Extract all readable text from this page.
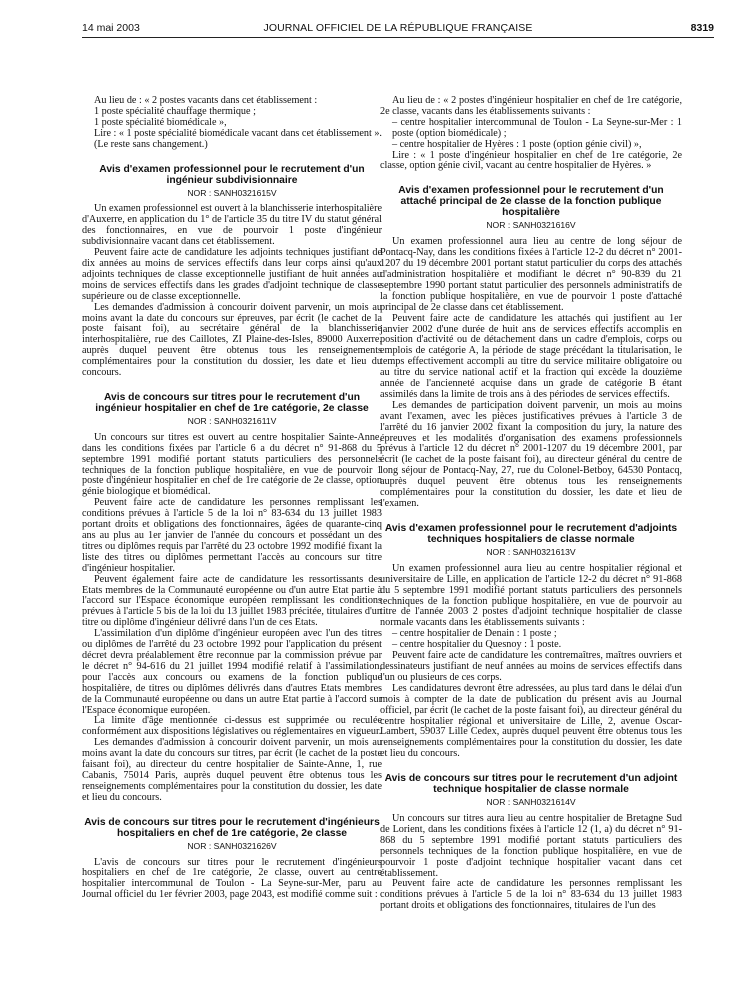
14 mai 2003	JOURNAL OFFICIEL DE LA RÉPUBLIQUE FRANÇAISE	8319

Au lieu de : « 2 postes vacants dans cet établissement :

1 poste spécialité chauffage thermique ;

1 poste spécialité biomédicale »,

Lire : « 1 poste spécialité biomédicale vacant dans cet établissement ».

(Le reste sans changement.)

Avis d'examen professionnel pour le recrutement d'un ingénieur subdivisionnaire
NOR : SANH0321615V

Un examen professionnel est ouvert à la blanchisserie interhospitalière d'Auxerre, en application du 1° de l'article 35 du titre IV du statut général des fonctionnaires, en vue de pourvoir 1 poste d'ingénieur subdivisionnaire vacant dans cet établissement.

Peuvent faire acte de candidature les adjoints techniques justifiant de dix années au moins de services effectifs dans leur corps ainsi qu'aux adjoints techniques de classe exceptionnelle justifiant de huit années au moins de services effectifs dans les grades d'adjoint technique de classe supérieure ou de classe exceptionnelle.

Les demandes d'admission à concourir doivent parvenir, un mois au moins avant la date du concours sur épreuves, par écrit (le cachet de la poste faisant foi), au secrétaire général de la blanchisserie interhospitalière, rue des Caillotes, ZI Plaine-des-Isles, 89000 Auxerre, auprès duquel peuvent être obtenus tous les renseignements complémentaires pour la constitution du dossier, les date et lieu du concours.

Avis de concours sur titres pour le recrutement d'un ingénieur hospitalier en chef de 1re catégorie, 2e classe
NOR : SANH0321611V

Un concours sur titres est ouvert au centre hospitalier Sainte-Anne, dans les conditions fixées par l'article 6 a du décret n° 91-868 du 5 septembre 1991 modifié portant statuts particuliers des personnels techniques de la fonction publique hospitalière, en vue de pourvoir 1 poste d'ingénieur hospitalier en chef de 1re catégorie de 2e classe, option génie biologique et biomédical.

Peuvent faire acte de candidature les personnes remplissant les conditions prévues à l'article 5 de la loi n° 83-634 du 13 juillet 1983 portant droits et obligations des fonctionnaires, âgées de quarante-cinq ans au plus au 1er janvier de l'année du concours et possédant un des titres ou diplômes requis par l'arrêté du 23 octobre 1992 modifié fixant la liste des titres ou diplômes permettant l'accès au concours sur titre d'ingénieur hospitalier.

Peuvent également faire acte de candidature les ressortissants des Etats membres de la Communauté européenne ou d'un autre Etat partie à l'accord sur l'Espace économique européen remplissant les conditions prévues à l'article 5 bis de la loi du 13 juillet 1983 précitée, titulaires d'un titre ou diplôme d'ingénieur délivré dans l'un de ces Etats.

L'assimilation d'un diplôme d'ingénieur européen avec l'un des titres ou diplômes de l'arrêté du 23 octobre 1992 pour l'application du présent décret devra préalablement être reconnue par la commission prévue par le décret n° 94-616 du 21 juillet 1994 modifié relatif à l'assimilation, pour l'accès aux concours ou examens de la fonction publique hospitalière, de titres ou diplômes délivrés dans d'autres Etats membres de la Communauté européenne ou dans un autre Etat partie à l'accord sur l'Espace économique européen.

La limite d'âge mentionnée ci-dessus est supprimée ou reculée conformément aux dispositions législatives ou réglementaires en vigueur.

Les demandes d'admission à concourir doivent parvenir, un mois au moins avant la date du concours sur titres, par écrit (le cachet de la poste faisant foi), au directeur du centre hospitalier de Sainte-Anne, 1, rue Cabanis, 75014 Paris, auprès duquel peuvent être obtenus tous les renseignements complémentaires pour la constitution du dossier, les date et lieu du concours.

Avis de concours sur titres pour le recrutement d'ingénieurs hospitaliers en chef de 1re catégorie, 2e classe
NOR : SANH0321626V

L'avis de concours sur titres pour le recrutement d'ingénieurs hospitaliers en chef de 1re catégorie, 2e classe, ouvert au centre hospitalier intercommunal de Toulon - La Seyne-sur-Mer, paru au Journal officiel du 1er février 2003, page 2043, est modifié comme suit :

Au lieu de : « 2 postes d'ingénieur hospitalier en chef de 1re catégorie, 2e classe, vacants dans les établissements suivants :

– centre hospitalier intercommunal de Toulon - La Seyne-sur-Mer : 1 poste (option biomédicale) ;

– centre hospitalier de Hyères : 1 poste (option génie civil) »,

Lire : « 1 poste d'ingénieur hospitalier en chef de 1re catégorie, 2e classe, option génie civil, vacant au centre hospitalier de Hyères. »

Avis d'examen professionnel pour le recrutement d'un attaché principal de 2e classe de la fonction publique hospitalière
NOR : SANH0321616V

Un examen professionnel aura lieu au centre de long séjour de Pontacq-Nay, dans les conditions fixées à l'article 12-2 du décret n° 2001-1207 du 19 décembre 2001 portant statut particulier du corps des attachés d'administration hospitalière et modifiant le décret n° 90-839 du 21 septembre 1990 portant statut particulier des personnels administratifs de la fonction publique hospitalière, en vue de pourvoir 1 poste d'attaché principal de 2e classe dans cet établissement.

Peuvent faire acte de candidature les attachés qui justifient au 1er janvier 2002 d'une durée de huit ans de services effectifs accomplis en position d'activité ou de détachement dans un cadre d'emplois, corps ou emplois de catégorie A, la période de stage précédant la titularisation, le temps effectivement accompli au titre du service militaire obligatoire ou au titre du service national actif et la fraction qui excède la douzième année de l'ancienneté acquise dans un grade de catégorie B étant assimilés dans la limite de trois ans à des périodes de services effectifs.

Les demandes de participation doivent parvenir, un mois au moins avant l'examen, avec les pièces justificatives prévues à l'article 3 de l'arrêté du 16 janvier 2002 fixant la composition du jury, la nature des épreuves et les modalités d'organisation des examens professionnels prévus à l'article 12 du décret n° 2001-1207 du 19 décembre 2001, par écrit (le cachet de la poste faisant foi), au directeur général du centre de long séjour de Pontacq-Nay, 27, rue du Colonel-Betboy, 64530 Pontacq, auprès duquel peuvent être obtenus tous les renseignements complémentaires pour la constitution du dossier, les date et lieu de l'examen.

Avis d'examen professionnel pour le recrutement d'adjoints techniques hospitaliers de classe normale
NOR : SANH0321613V

Un examen professionnel aura lieu au centre hospitalier régional et universitaire de Lille, en application de l'article 12-2 du décret n° 91-868 du 5 septembre 1991 modifié portant statuts particuliers des personnels techniques de la fonction publique hospitalière, en vue de pourvoir au titre de l'année 2003 2 postes d'adjoint technique hospitalier de classe normale vacants dans les établissements suivants :

– centre hospitalier de Denain : 1 poste ;

– centre hospitalier du Quesnoy : 1 poste.

Peuvent faire acte de candidature les contremaîtres, maîtres ouvriers et dessinateurs justifiant de neuf années au moins de services effectifs dans l'un ou plusieurs de ces corps.

Les candidatures devront être adressées, au plus tard dans le délai d'un mois à compter de la date de publication du présent avis au Journal officiel, par écrit (le cachet de la poste faisant foi), au directeur général du centre hospitalier régional et universitaire de Lille, 2, avenue Oscar-Lambert, 59037 Lille Cedex, auprès duquel peuvent être obtenus tous les renseignements complémentaires pour la constitution du dossier, les date et lieu du concours.

Avis de concours sur titres pour le recrutement d'un adjoint technique hospitalier de classe normale
NOR : SANH0321614V

Un concours sur titres aura lieu au centre hospitalier de Bretagne Sud de Lorient, dans les conditions fixées à l'article 12 (1, a) du décret n° 91-868 du 5 septembre 1991 modifié portant statuts particuliers des personnels techniques de la fonction publique hospitalière, en vue de pourvoir 1 poste d'adjoint technique hospitalier vacant dans cet établissement.

Peuvent faire acte de candidature les personnes remplissant les conditions prévues à l'article 5 de la loi n° 83-634 du 13 juillet 1983 portant droits et obligations des fonctionnaires, titulaires de l'un des
